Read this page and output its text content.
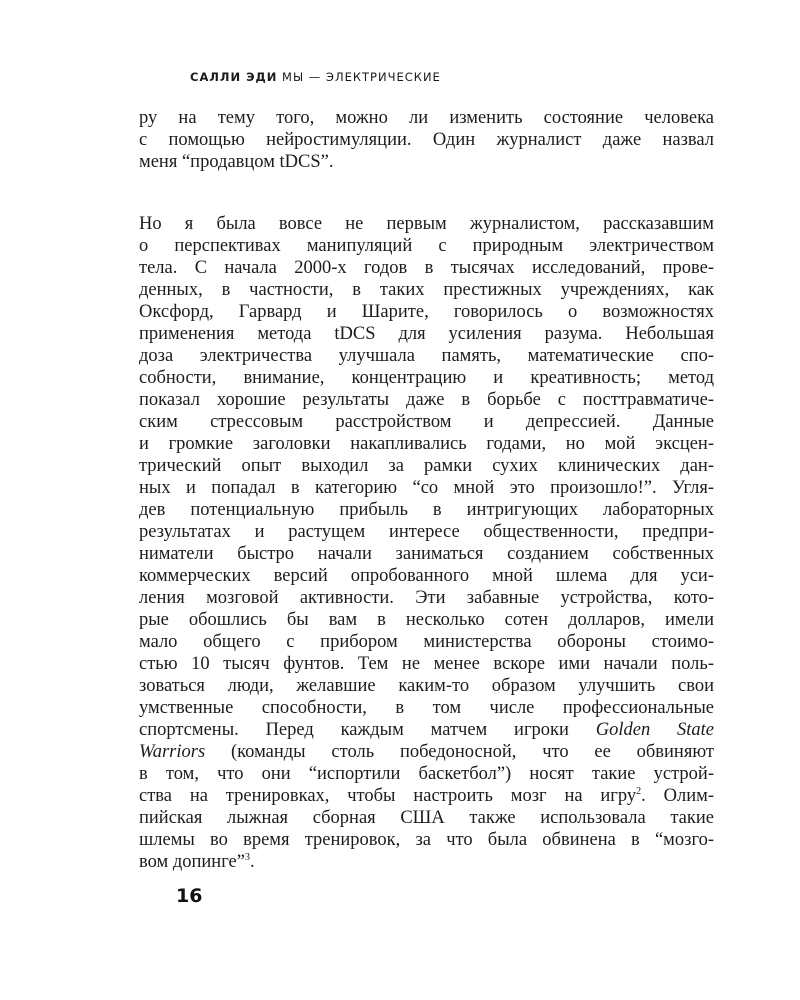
САЛЛИ ЭДИ МЫ — ЭЛЕКТРИЧЕСКИЕ
ру на тему того, можно ли изменить состояние человека
с помощью нейростимуляции. Один журналист даже назвал
меня “продавцом tDCS”.
Но я была вовсе не первым журналистом, рассказавшим
о перспективах манипуляций с природным электричеством
тела. С начала 2000-х годов в тысячах исследований, прове-
денных, в частности, в таких престижных учреждениях, как
Оксфорд, Гарвард и Шарите, говорилось о возможностях
применения метода tDCS для усиления разума. Небольшая
доза электричества улучшала память, математические спо-
собности, внимание, концентрацию и креативность; метод
показал хорошие результаты даже в борьбе с посттравматиче-
ским стрессовым расстройством и депрессией. Данные
и громкие заголовки накапливались годами, но мой эксцен-
трический опыт выходил за рамки сухих клинических дан-
ных и попадал в категорию “со мной это произошло!”. Угля-
дев потенциальную прибыль в интригующих лабораторных
результатах и растущем интересе общественности, предпри-
ниматели быстро начали заниматься созданием собственных
коммерческих версий опробованного мной шлема для уси-
ления мозговой активности. Эти забавные устройства, кото-
рые обошлись бы вам в несколько сотен долларов, имели
мало общего с прибором министерства обороны стоимо-
стью 10 тысяч фунтов. Тем не менее вскоре ими начали поль-
зоваться люди, желавшие каким-то образом улучшить свои
умственные способности, в том числе профессиональные
спортсмены. Перед каждым матчем игроки Golden State
Warriors (команды столь победоносной, что ее обвиняют
в том, что они “испортили баскетбол”) носят такие устрой-
ства на тренировках, чтобы настроить мозг на игру$^2$. Олим-
пийская лыжная сборная США также использовала такие
шлемы во время тренировок, за что была обвинена в “мозго-
вом допинге”$^3$.
16
